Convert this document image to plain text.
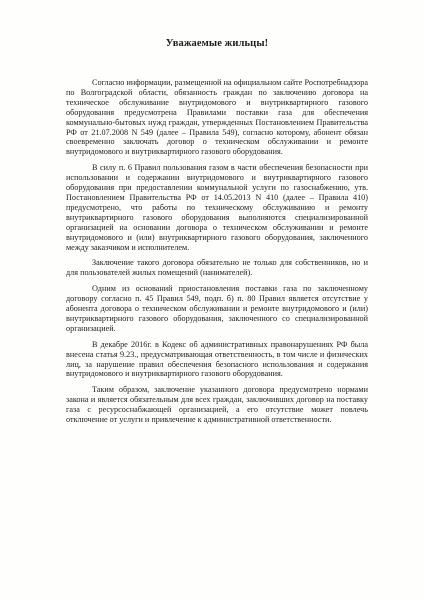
Уважаемые жильцы!

Согласно информации, размещенной на официальном сайте Роспотребнадзора по Волгоградской области, обязанность граждан по заключению договора на техническое обслуживание внутридомового и внутриквартирного газового оборудования предусмотрена Правилами поставки газа для обеспечения коммунально-бытовых нужд граждан, утвержденных Постановлением Правительства РФ от 21.07.2008 N 549 (далее – Правила 549), согласно которому, абонент обязан своевременно заключать договор о техническом обслуживании и ремонте внутридомового и внутриквартирного газового оборудования.

В силу п. 6 Правил пользования газом в части обеспечения безопасности при использовании и содержании внутридомового и внутриквартирного газового оборудования при предоставлении коммунальной услуги по газоснабжению, утв. Постановлением Правительства РФ от 14.05.2013 N 410 (далее – Правила 410) предусмотрено, что работы по техническому обслуживанию и ремонту внутриквартирного газового оборудования выполняются специализированной организацией на основании договора о техническом обслуживании и ремонте внутридомового и (или) внутриквартирного газового оборудования, заключенного между заказчиком и исполнителем.

Заключение такого договора обязательно не только для собственников, но и для пользователей жилых помещений (нанимателей).

Одним из оснований приостановления поставки газа по заключенному договору согласно п. 45 Правил 549, подп. б) п. 80 Правил является отсутствие у абонента договора о техническом обслуживании и ремонте внутридомового и (или) внутриквартирного газового оборудования, заключенного со специализированной организацией.

В декабре 2016г. в Кодекс об административных правонарушениях РФ была внесена статья 9.23., предусматривающая ответственность, в том числе и физических лиц, за нарушение правил обеспечения безопасного использования и содержания внутридомового и внутриквартирного газового оборудования.

Таким образом, заключение указанного договора предусмотрено нормами закона и является обязательным для всех граждан, заключивших договор на поставку газа с ресурсоснабжающей организацией, а его отсутствие может повлечь отключение от услуги и привлечение к административной ответственности.
